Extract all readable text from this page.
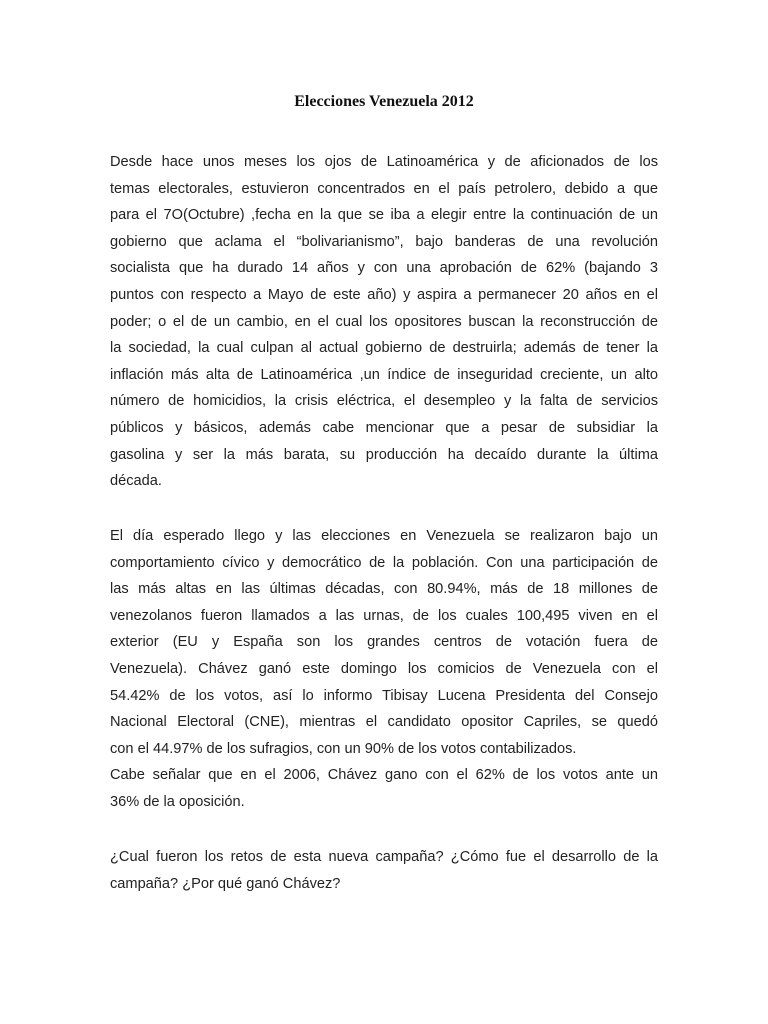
Elecciones Venezuela 2012

Desde hace unos meses los ojos de Latinoamérica y de aficionados de los
temas electorales, estuvieron concentrados en el país petrolero, debido a que
para el 7O(Octubre) ,fecha en la que se iba a elegir entre la continuación de un
gobierno que aclama el “bolivarianismo”, bajo banderas de una revolución
socialista que ha durado 14 años y con una aprobación de 62% (bajando 3
puntos con respecto a Mayo de este año) y aspira a permanecer 20 años en el
poder; o el de un cambio, en el cual los opositores buscan la reconstrucción de
la sociedad, la cual culpan al actual gobierno de destruirla; además de tener la
inflación más alta de Latinoamérica ,un índice de inseguridad creciente, un alto
número de homicidios, la crisis eléctrica, el desempleo y la falta de servicios
públicos y básicos, además cabe mencionar que a pesar de subsidiar la
gasolina y ser la más barata, su producción ha decaído durante la última
década.

El día esperado llego y las elecciones en Venezuela se realizaron bajo un
comportamiento cívico y democrático de la población. Con una participación de
las más altas en las últimas décadas, con 80.94%, más de 18 millones de
venezolanos fueron llamados a las urnas, de los cuales 100,495 viven en el
exterior (EU y España son los grandes centros de votación fuera de
Venezuela). Chávez ganó este domingo los comicios de Venezuela con el
54.42% de los votos, así lo informo Tibisay Lucena Presidenta del Consejo
Nacional Electoral (CNE), mientras el candidato opositor Capriles, se quedó
con el 44.97% de los sufragios, con un 90% de los votos contabilizados.
Cabe señalar que en el 2006, Chávez gano con el 62% de los votos ante un
36% de la oposición.

¿Cual fueron los retos de esta nueva campaña? ¿Cómo fue el desarrollo de la
campaña? ¿Por qué ganó Chávez?
